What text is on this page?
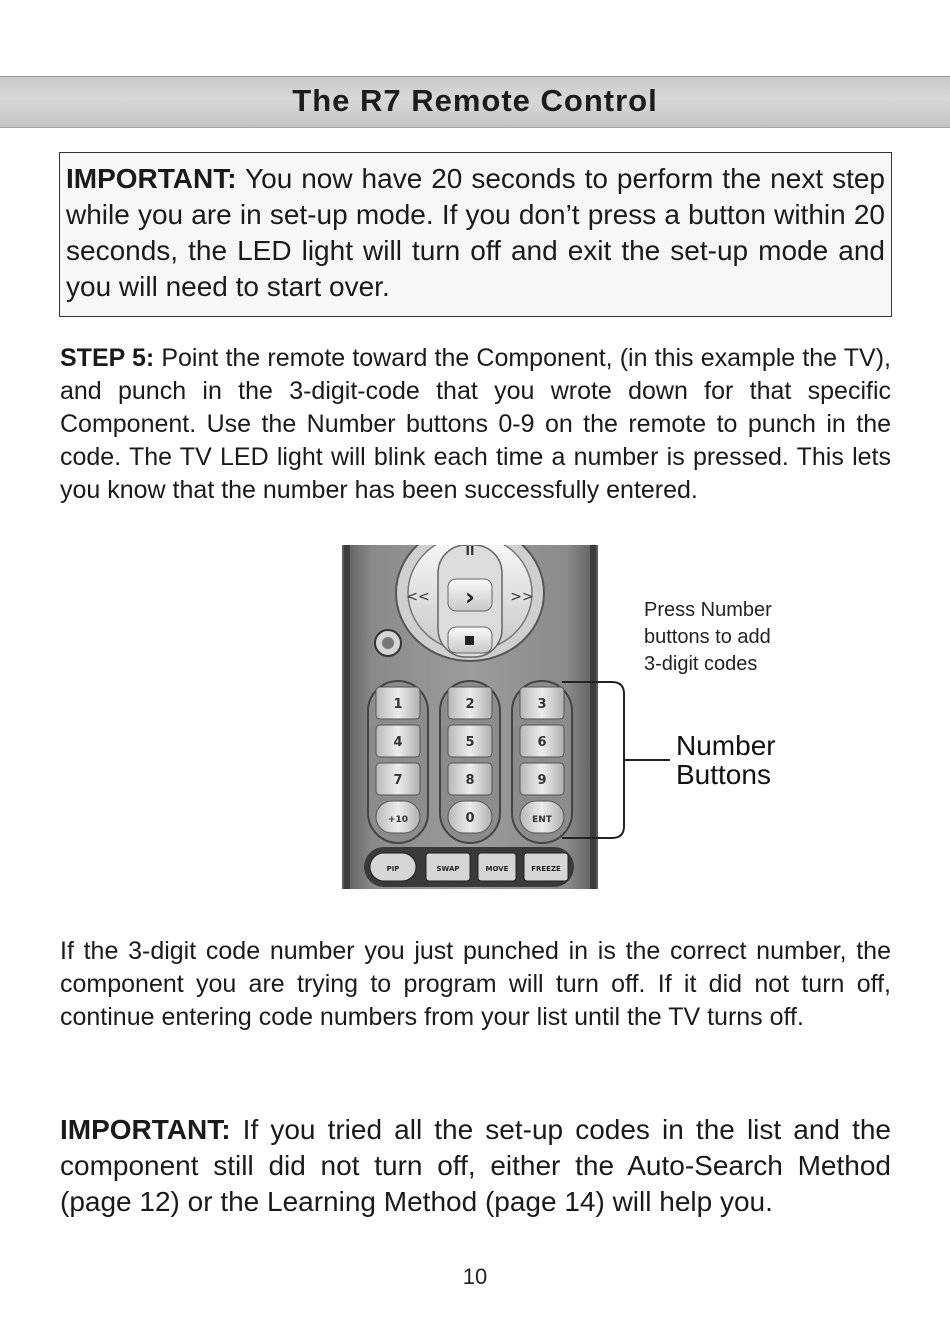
The R7 Remote Control
IMPORTANT: You now have 20 seconds to perform the next step while you are in set-up mode. If you don’t press a button within 20 seconds, the LED light will turn off and exit the set-up mode and you will need to start over.
STEP 5: Point the remote toward the Component, (in this example the TV), and punch in the 3-digit-code that you wrote down for that specific Component. Use the Number buttons 0-9 on the remote to punch in the code. The TV LED light will blink each time a number is pressed. This lets you know that the number has been successfully entered.
›
II
<<	>>
1	2	3
4	5	6
7	8	9
+10	0	ENT
PIP	SWAP	MOVE	FREEZE
Press Number
buttons to add
3-digit codes
Number
Buttons
If the 3-digit code number you just punched in is the correct number, the component you are trying to program will turn off. If it did not turn off, continue entering code numbers from your list until the TV turns off.
IMPORTANT: If you tried all the set-up codes in the list and the component still did not turn off, either the Auto-Search Method (page 12) or the Learning Method (page 14) will help you.
10
